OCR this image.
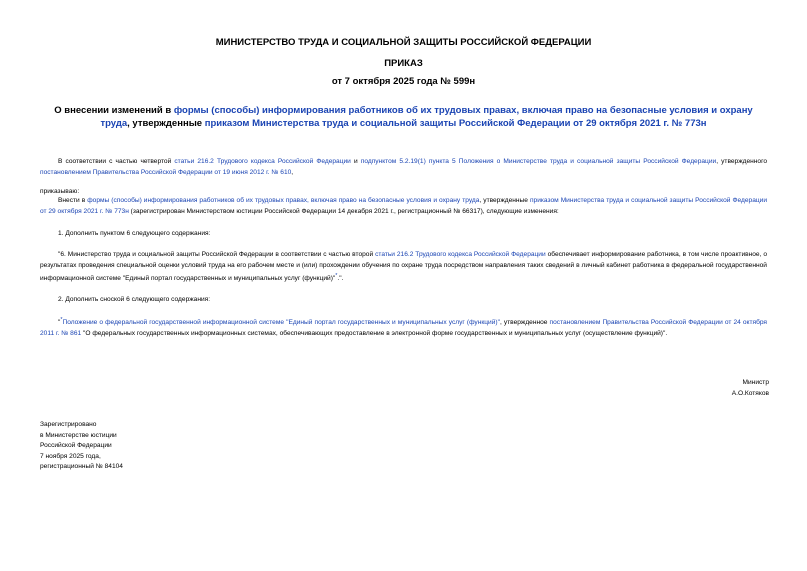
МИНИСТЕРСТВО ТРУДА И СОЦИАЛЬНОЙ ЗАЩИТЫ РОССИЙСКОЙ ФЕДЕРАЦИИ
ПРИКАЗ
от 7 октября 2025 года № 599н
О внесении изменений в формы (способы) информирования работников об их трудовых правах, включая право на безопасные условия и охрану труда, утвержденные приказом Министерства труда и социальной защиты Российской Федерации от 29 октября 2021 г. № 773н
В соответствии с частью четвертой статьи 216.2 Трудового кодекса Российской Федерации и подпунктом 5.2.19(1) пункта 5 Положения о Министерстве труда и социальной защиты Российской Федерации, утвержденного постановлением Правительства Российской Федерации от 19 июня 2012 г. № 610,
приказываю:
Внести в формы (способы) информирования работников об их трудовых правах, включая право на безопасные условия и охрану труда, утвержденные приказом Министерства труда и социальной защиты Российской Федерации от 29 октября 2021 г. № 773н (зарегистрирован Министерством юстиции Российской Федерации 14 декабря 2021 г., регистрационный № 66317), следующие изменения:
1. Дополнить пунктом 6 следующего содержания:
"6. Министерство труда и социальной защиты Российской Федерации в соответствии с частью второй статьи 216.2 Трудового кодекса Российской Федерации обеспечивает информирование работника, в том числе проактивное, о результатах проведения специальной оценки условий труда на его рабочем месте и (или) прохождении обучения по охране труда посредством направления таких сведений в личный кабинет работника в федеральной государственной информационной системе "Единый портал государственных и муниципальных услуг (функций)"*.".
2. Дополнить сноской 6 следующего содержания:
"*Положение о федеральной государственной информационной системе "Единый портал государственных и муниципальных услуг (функций)", утвержденное постановлением Правительства Российской Федерации от 24 октября 2011 г. № 861 "О федеральных государственных информационных системах, обеспечивающих предоставление в электронной форме государственных и муниципальных услуг (осуществление функций)".
Министр
А.О.Котяков
Зарегистрировано
в Министерстве юстиции
Российской Федерации
7 ноября 2025 года,
регистрационный № 84104
